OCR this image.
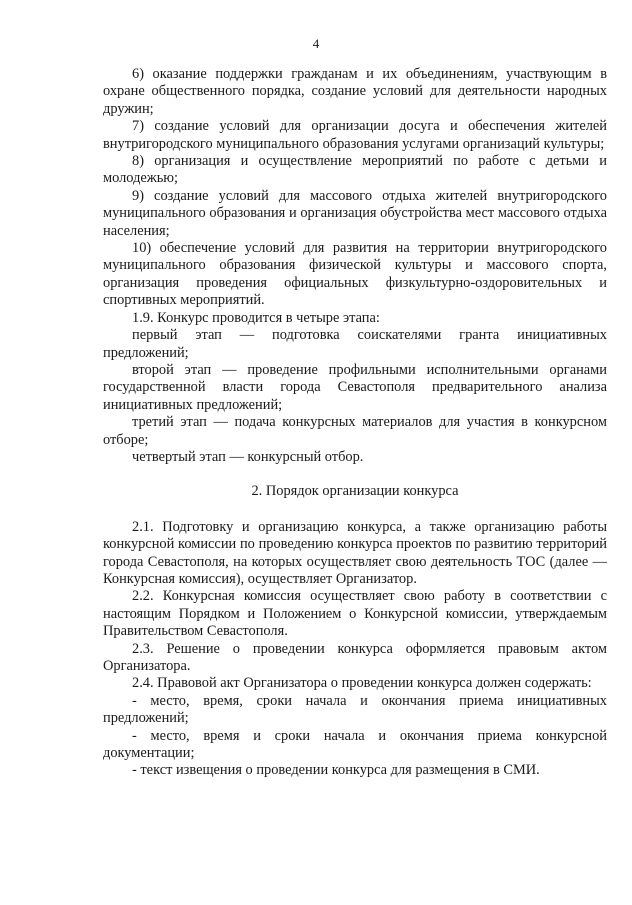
4

6) оказание поддержки гражданам и их объединениям, участвующим в охране общественного порядка, создание условий для деятельности народных дружин;

7) создание условий для организации досуга и обеспечения жителей внутригородского муниципального образования услугами организаций культуры;

8) организация и осуществление мероприятий по работе с детьми и молодежью;

9) создание условий для массового отдыха жителей внутригородского муниципального образования и организация обустройства мест массового отдыха населения;

10) обеспечение условий для развития на территории внутригородского муниципального образования физической культуры и массового спорта, организация проведения официальных физкультурно-оздоровительных и спортивных мероприятий.

1.9. Конкурс проводится в четыре этапа:

первый этап — подготовка соискателями гранта инициативных предложений;

второй этап — проведение профильными исполнительными органами государственной власти города Севастополя предварительного анализа инициативных предложений;

третий этап — подача конкурсных материалов для участия в конкурсном отборе;

четвертый этап — конкурсный отбор.

2. Порядок организации конкурса

2.1. Подготовку и организацию конкурса, а также организацию работы конкурсной комиссии по проведению конкурса проектов по развитию территорий города Севастополя, на которых осуществляет свою деятельность ТОС (далее — Конкурсная комиссия), осуществляет Организатор.

2.2. Конкурсная комиссия осуществляет свою работу в соответствии с настоящим Порядком и Положением о Конкурсной комиссии, утверждаемым Правительством Севастополя.

2.3. Решение о проведении конкурса оформляется правовым актом Организатора.

2.4. Правовой акт Организатора о проведении конкурса должен содержать:

- место, время, сроки начала и окончания приема инициативных предложений;

- место, время и сроки начала и окончания приема конкурсной документации;

- текст извещения о проведении конкурса для размещения в СМИ.
